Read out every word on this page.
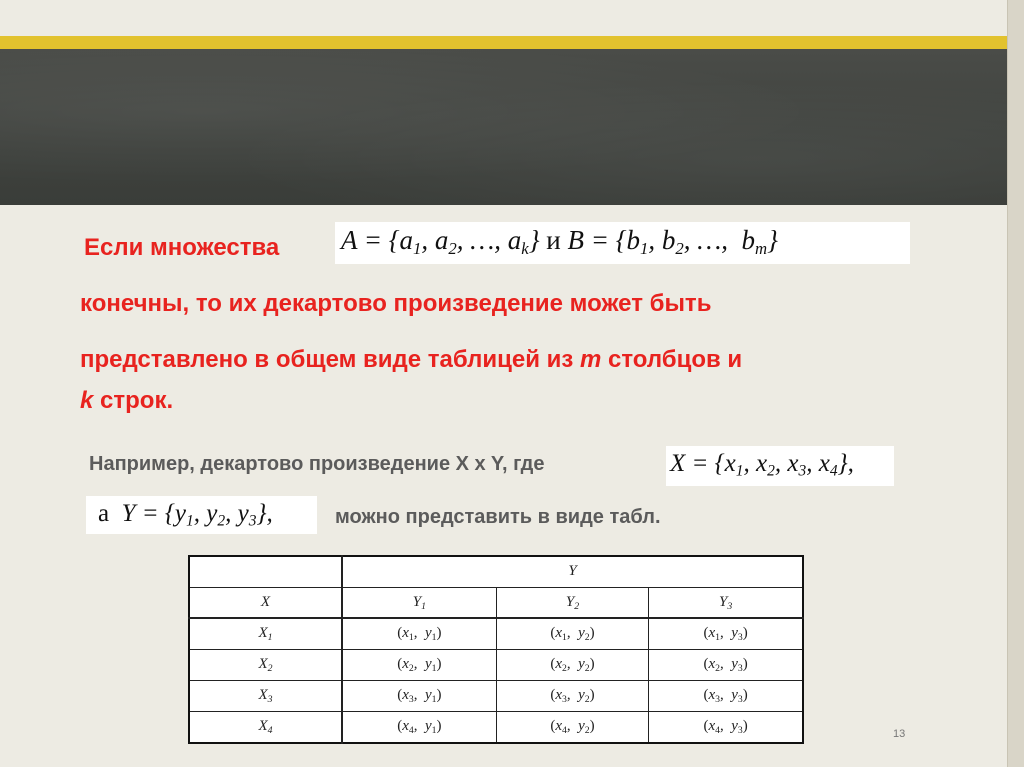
Если множества $A = \{a_1$, $a_2$, …, $a_k$} и $B = \{b_1$, $b_2$, …,  $b_m$}
конечны, то их декартово произведение может быть
представлено в общем виде таблицей из m столбцов и
k строк.
Например, декартово произведение X x Y, где	$X = \{x_1$, $x_2$, $x_3$, $x_4$},
а  $Y = \{y_1$, $y_2$, $y_3$},	можно представить в виде табл.
	Y		
X	$Y_1$	$Y_2$	$Y_3$
$X_1$	($x_1$,  $y_1$)	($x_1$,  $y_2$)	($x_1$,  $y_3$)
$X_2$	($x_2$,  $y_1$)	($x_2$,  $y_2$)	($x_2$,  $y_3$)
$X_3$	($x_3$,  $y_1$)	($x_3$,  $y_2$)	($x_3$,  $y_3$)
$X_4$	($x_4$,  $y_1$)	($x_4$,  $y_2$)	($x_4$,  $y_3$)	13
